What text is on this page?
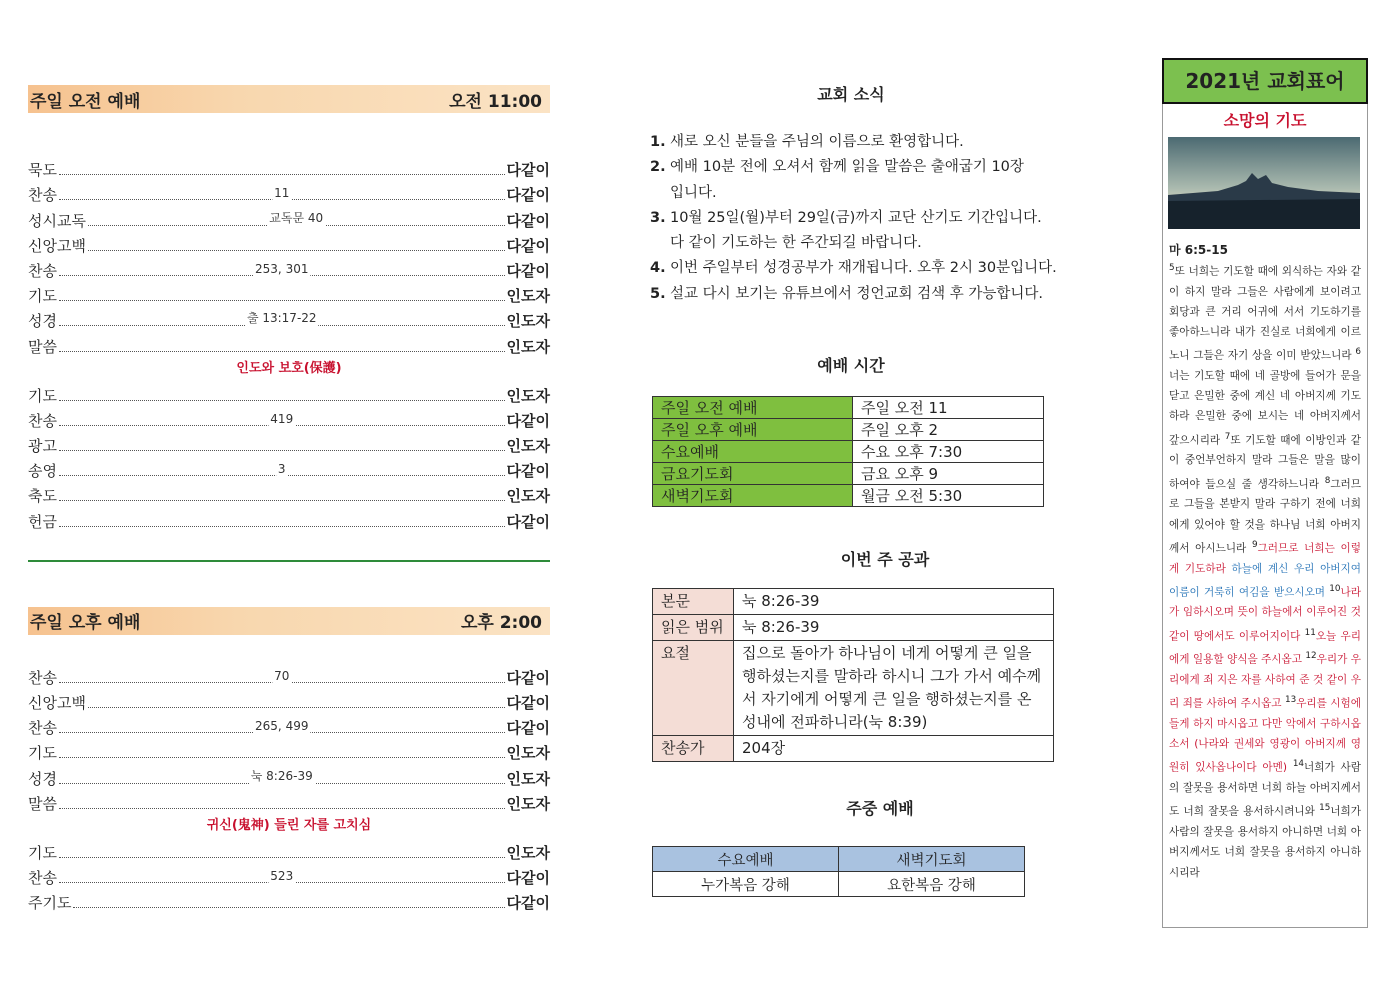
주일 오전 예배	오전 11:00
묵도	다같이
찬송	11	다같이
성시교독	교독문 40	다같이
신앙고백	다같이
찬송	253, 301	다같이
기도	인도자
성경	출 13:17-22	인도자
말씀	인도자
인도와 보호(保護)
기도	인도자
찬송	419	다같이
광고	인도자
송영	3	다같이
축도	인도자
헌금	다같이
주일 오후 예배	오후 2:00
찬송	70	다같이
신앙고백	다같이
찬송	265, 499	다같이
기도	인도자
성경	눅 8:26-39	인도자
말씀	인도자
귀신(鬼神) 들린 자를 고치심
기도	인도자
찬송	523	다같이
주기도	다같이
교회 소식
1. 새로 오신 분들을 주님의 이름으로 환영합니다.
2. 예배 10분 전에 오셔서 함께 읽을 말씀은 출애굽기 10장
입니다.
3. 10월 25일(월)부터 29일(금)까지 교단 산기도 기간입니다.
다 같이 기도하는 한 주간되길 바랍니다.
4. 이번 주일부터 성경공부가 재개됩니다. 오후 2시 30분입니다.
5. 설교 다시 보기는 유튜브에서 정언교회 검색 후 가능합니다.
예배 시간
주일 오전 예배	주일 오전 11
주일 오후 예배	주일 오후 2
수요예배	수요 오후 7:30
금요기도회	금요 오후 9
새벽기도회	월금 오전 5:30
이번 주 공과
본문	눅 8:26-39
읽은 범위	눅 8:26-39
요절	집으로 돌아가 하나님이 네게 어떻게 큰 일을 행하셨는지를 말하라 하시니 그가 가서 예수께서 자기에게 어떻게 큰 일을 행하셨는지를 온 성내에 전파하니라(눅 8:39)
찬송가	204장
주중 예배
수요예배	새벽기도회
누가복음 강해	요한복음 강해
2021년 교회표어
소망의 기도
마 6:5-15
$^5$또 너희는 기도할 때에 외식하는 자와 같이 하지 말라 그들은 사람에게 보이려고 회당과 큰 거리 어귀에 서서 기도하기를 좋아하느니라 내가 진실로 너희에게 이르노니 그들은 자기 상을 이미 받았느니라 $^6$너는 기도할 때에 네 골방에 들어가 문을 닫고 은밀한 중에 계신 네 아버지께 기도하라 은밀한 중에 보시는 네 아버지께서 갚으시리라 $^7$또 기도할 때에 이방인과 같이 중언부언하지 말라 그들은 말을 많이 하여야 들으실 줄 생각하느니라 $^8$그러므로 그들을 본받지 말라 구하기 전에 너희에게 있어야 할 것을 하나님 너희 아버지께서 아시느니라 $^9$그러므로 너희는 이렇게 기도하라 하늘에 계신 우리 아버지여 이름이 거룩히 여김을 받으시오며 $^{10}$나라가 임하시오며 뜻이 하늘에서 이루어진 것 같이 땅에서도 이루어지이다 $^{11}$오늘 우리에게 일용할 양식을 주시옵고 $^{12}$우리가 우리에게 죄 지은 자를 사하여 준 것 같이 우리 죄를 사하여 주시옵고 $^{13}$우리를 시험에 들게 하지 마시옵고 다만 악에서 구하시옵소서 (나라와 권세와 영광이 아버지께 영원히 있사옵나이다 아멘) $^{14}$너희가 사람의 잘못을 용서하면 너희 하늘 아버지께서도 너희 잘못을 용서하시려니와 $^{15}$너희가 사람의 잘못을 용서하지 아니하면 너희 아버지께서도 너희 잘못을 용서하지 아니하시리라
